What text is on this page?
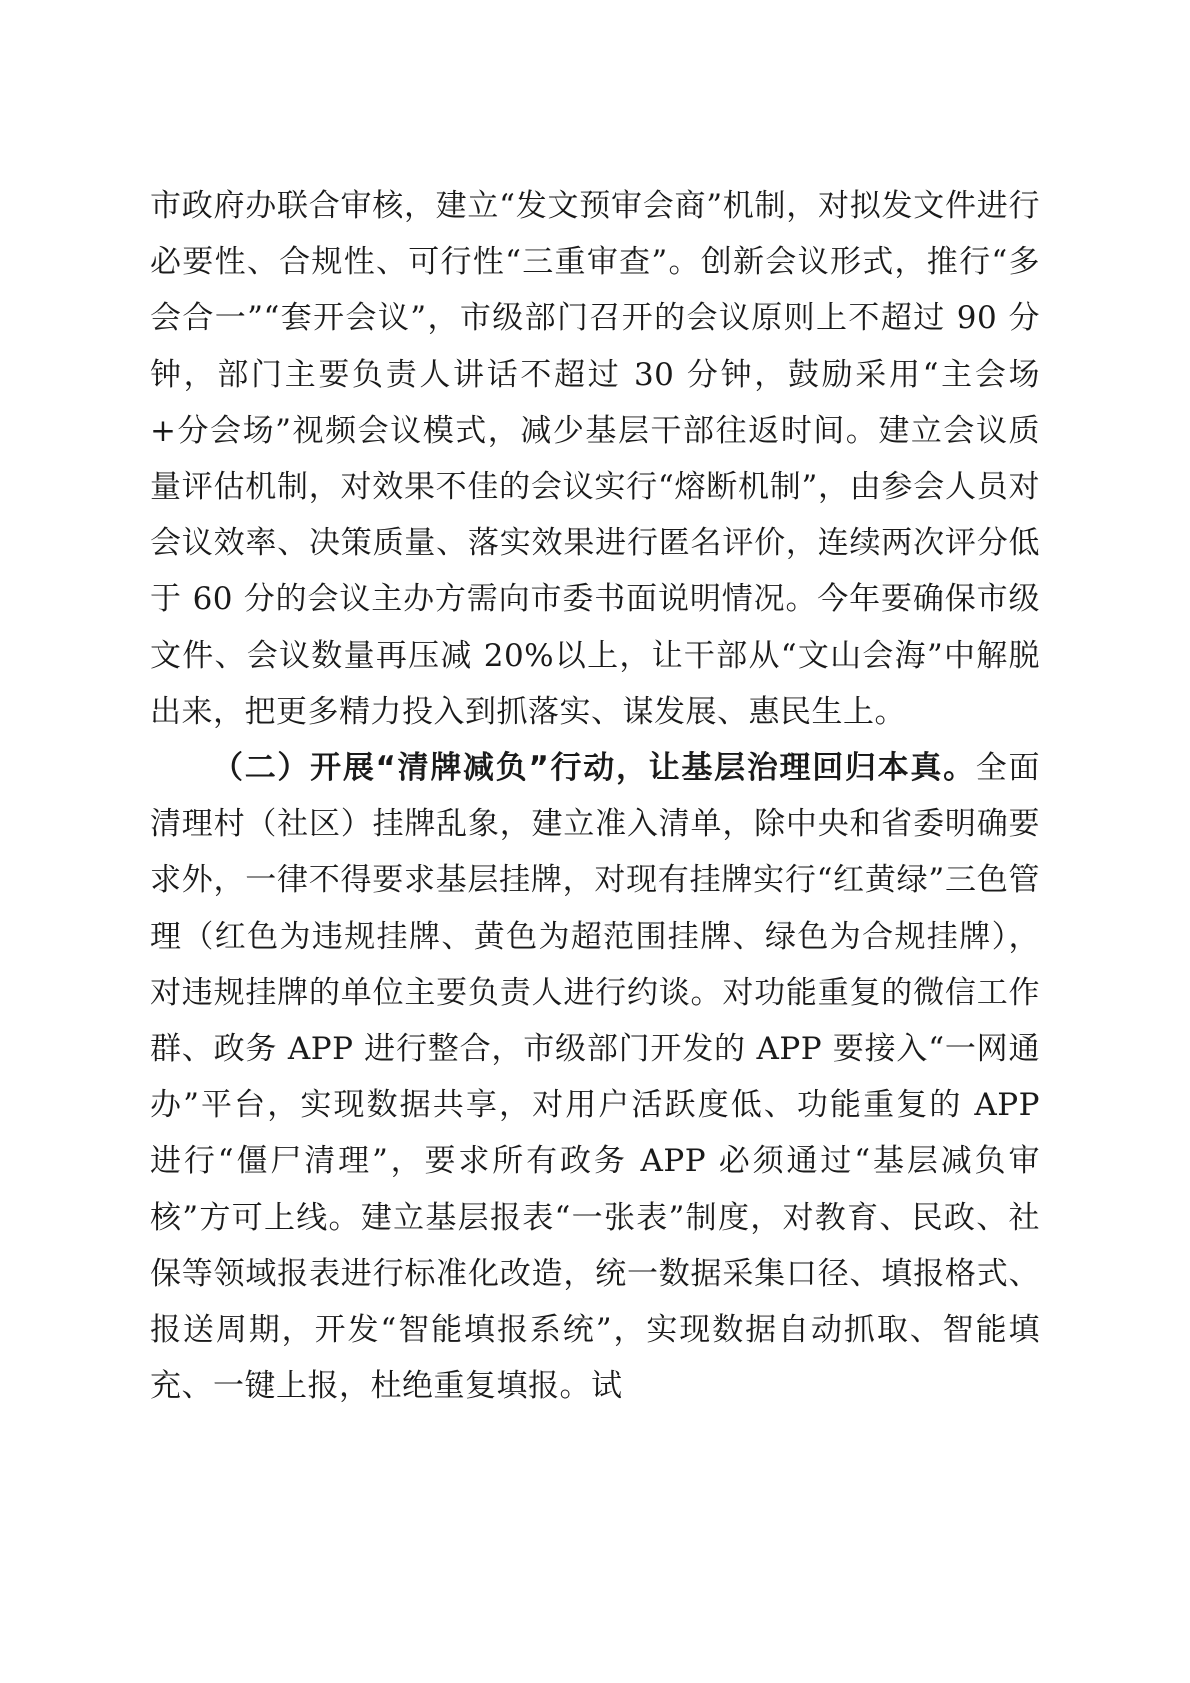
市政府办联合审核，建立“发文预审会商”机制，对拟发文件进行必要性、合规性、可行性“三重审查”。创新会议形式，推行“多会合一”“套开会议”，市级部门召开的会议原则上不超过 90 分钟，部门主要负责人讲话不超过 30 分钟，鼓励采用“主会场+分会场”视频会议模式，减少基层干部往返时间。建立会议质量评估机制，对效果不佳的会议实行“熔断机制”，由参会人员对会议效率、决策质量、落实效果进行匿名评价，连续两次评分低于 60 分的会议主办方需向市委书面说明情况。今年要确保市级文件、会议数量再压减 20%以上，让干部从“文山会海”中解脱出来，把更多精力投入到抓落实、谋发展、惠民生上。

（二）开展“清牌减负”行动，让基层治理回归本真。全面清理村（社区）挂牌乱象，建立准入清单，除中央和省委明确要求外，一律不得要求基层挂牌，对现有挂牌实行“红黄绿”三色管理（红色为违规挂牌、黄色为超范围挂牌、绿色为合规挂牌），对违规挂牌的单位主要负责人进行约谈。对功能重复的微信工作群、政务 APP 进行整合，市级部门开发的 APP 要接入“一网通办”平台，实现数据共享，对用户活跃度低、功能重复的 APP 进行“僵尸清理”，要求所有政务 APP 必须通过“基层减负审核”方可上线。建立基层报表“一张表”制度，对教育、民政、社保等领域报表进行标准化改造，统一数据采集口径、填报格式、报送周期，开发“智能填报系统”，实现数据自动抓取、智能填充、一键上报，杜绝重复填报。试
